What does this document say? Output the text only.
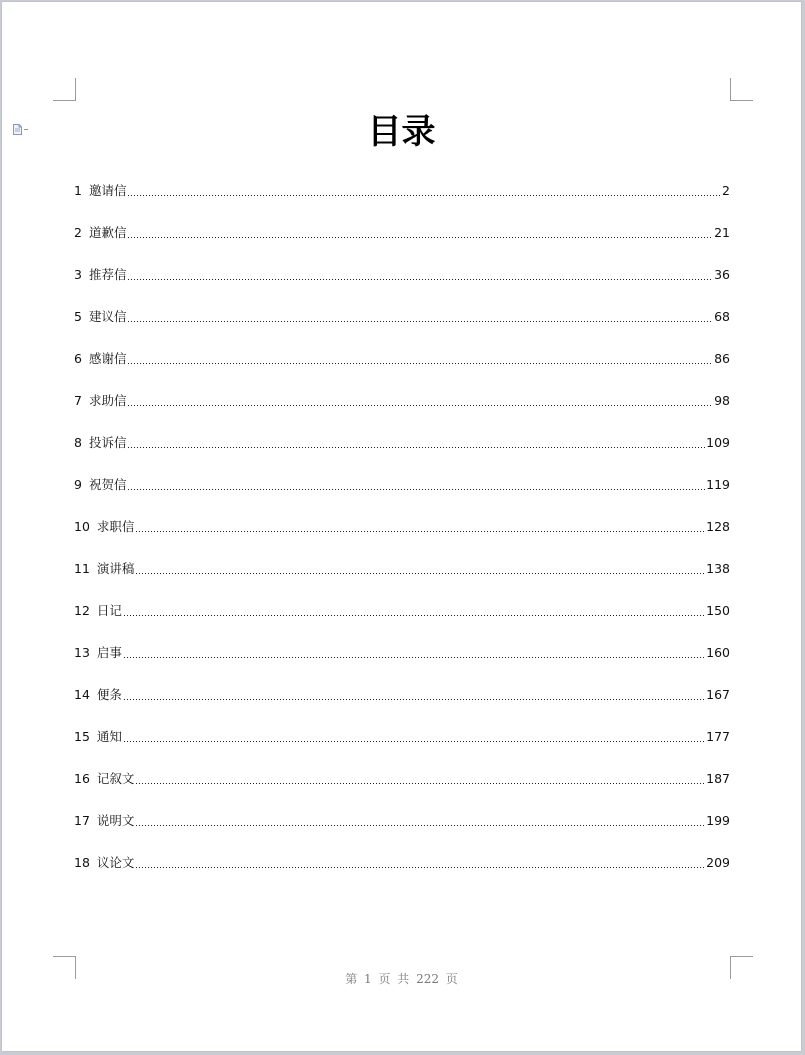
目录
1 邀请信	2
2 道歉信	21
3 推荐信	36
5 建议信	68
6 感谢信	86
7 求助信	98
8 投诉信	109
9 祝贺信	119
10 求职信	128
11 演讲稿	138
12 日记	150
13 启事	160
14 便条	167
15 通知	177
16 记叙文	187
17 说明文	199
18 议论文	209
第 1 页 共 222 页
